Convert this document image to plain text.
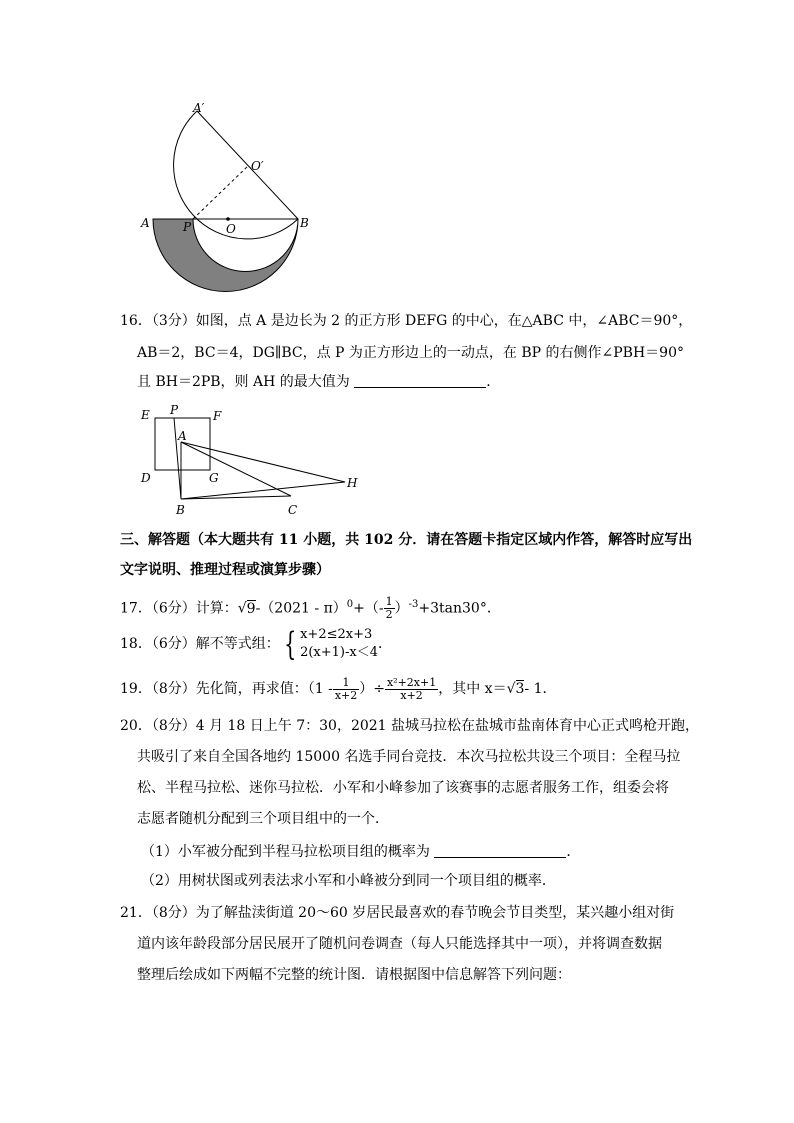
A′
O′
A	P	O	B
16．（3分）如图，点 A 是边长为 2 的正方形 DEFG 的中心，在△ABC 中，∠ABC＝90°，
AB＝2，BC＝4，DG∥BC，点 P 为正方形边上的一动点，在 BP 的右侧作∠PBH＝90°
且 BH＝2PB，则 AH 的最大值为	．
E P	F
A
D	G	H
B	C
三、解答题（本大题共有 11 小题，共 102 分．请在答题卡指定区域内作答，解答时应写出
文字说明、推理过程或演算步骤）
17．（6分）计算：$√9-(2021 - \pi)^0+(- \frac{1}{2} )^{-3}+3\tan 30^\circ$．
18．（6分）解不等式组： { x+2≤2x+3
2(x+1)-x＜4
．
19．（8分）先化简，再求值：（$1 - \frac{1}{x+2}$ ）÷ $\frac{\text{x²+2x+1}}{x+2}$ ，其中 x＝√3- 1．
20．（8分）4 月 18 日上午 7：30，2021 盐城马拉松在盐城市盐南体育中心正式鸣枪开跑，
共吸引了来自全国各地约 15000 名选手同台竞技．本次马拉松共设三个项目：全程马拉
松、半程马拉松、迷你马拉松．小军和小峰参加了该赛事的志愿者服务工作，组委会将
志愿者随机分配到三个项目组中的一个．
（1）小军被分配到半程马拉松项目组的概率为	．
（2）用树状图或列表法求小军和小峰被分到同一个项目组的概率．
21．（8分）为了解盐渎街道 20～60 岁居民最喜欢的春节晚会节目类型，某兴趣小组对街
道内该年龄段部分居民展开了随机问卷调查（每人只能选择其中一项），并将调查数据
整理后绘成如下两幅不完整的统计图．请根据图中信息解答下列问题：
